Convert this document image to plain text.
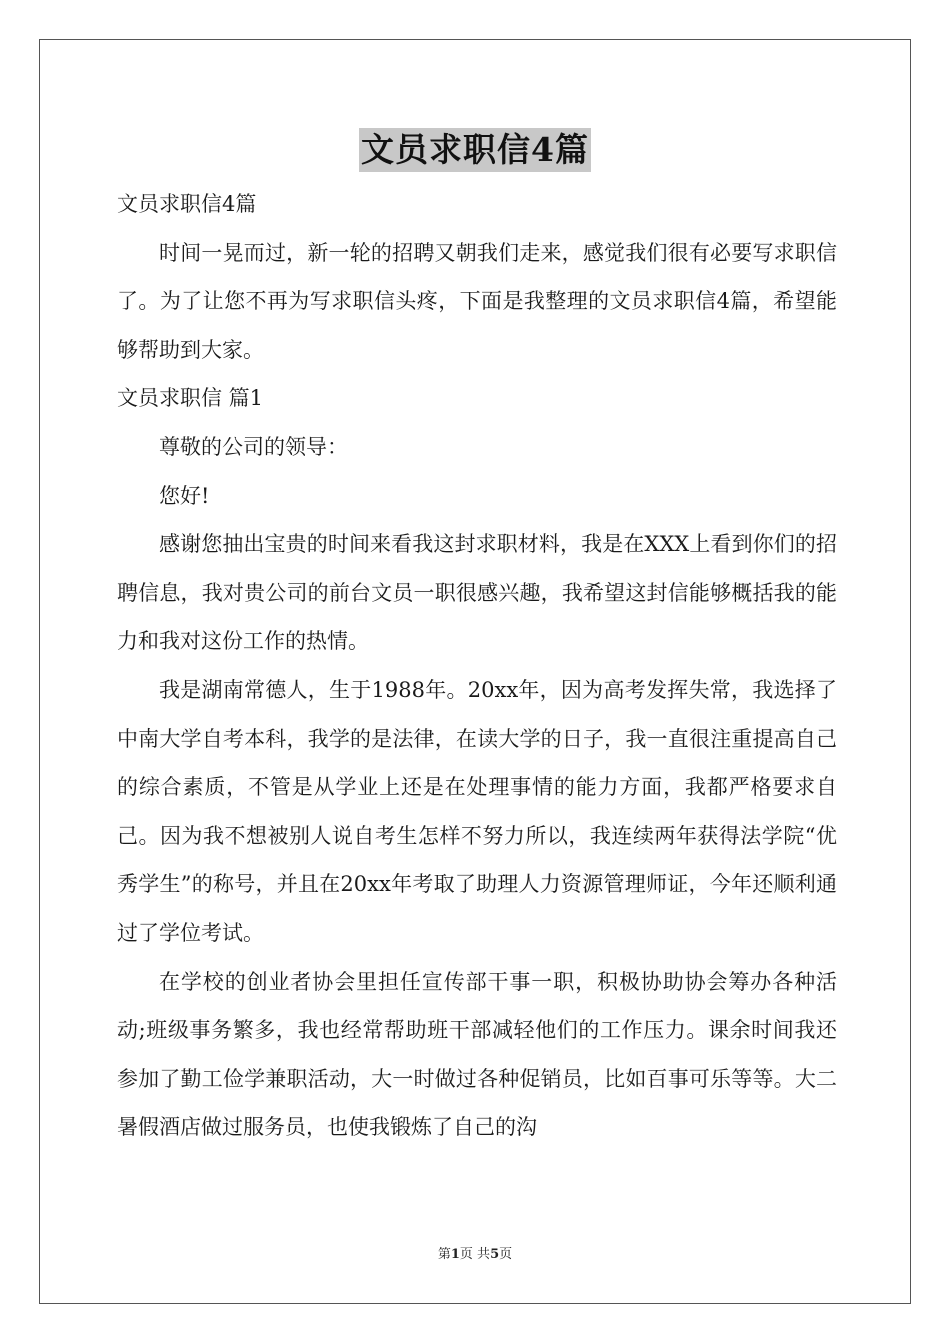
文员求职信4篇

文员求职信4篇

时间一晃而过，新一轮的招聘又朝我们走来，感觉我们很有必要写求职信了。为了让您不再为写求职信头疼，下面是我整理的文员求职信4篇，希望能够帮助到大家。

文员求职信 篇1

尊敬的公司的领导：

您好!

感谢您抽出宝贵的时间来看我这封求职材料，我是在XXX上看到你们的招聘信息，我对贵公司的前台文员一职很感兴趣，我希望这封信能够概括我的能力和我对这份工作的热情。

我是湖南常德人，生于1988年。20xx年，因为高考发挥失常，我选择了中南大学自考本科，我学的是法律，在读大学的日子，我一直很注重提高自己的综合素质，不管是从学业上还是在处理事情的能力方面，我都严格要求自己。因为我不想被别人说自考生怎样不努力所以，我连续两年获得法学院“优秀学生”的称号，并且在20xx年考取了助理人力资源管理师证，今年还顺利通过了学位考试。

在学校的创业者协会里担任宣传部干事一职，积极协助协会筹办各种活动;班级事务繁多，我也经常帮助班干部减轻他们的工作压力。课余时间我还参加了勤工俭学兼职活动，大一时做过各种促销员，比如百事可乐等等。大二暑假酒店做过服务员，也使我锻炼了自己的沟

第1页 共5页
